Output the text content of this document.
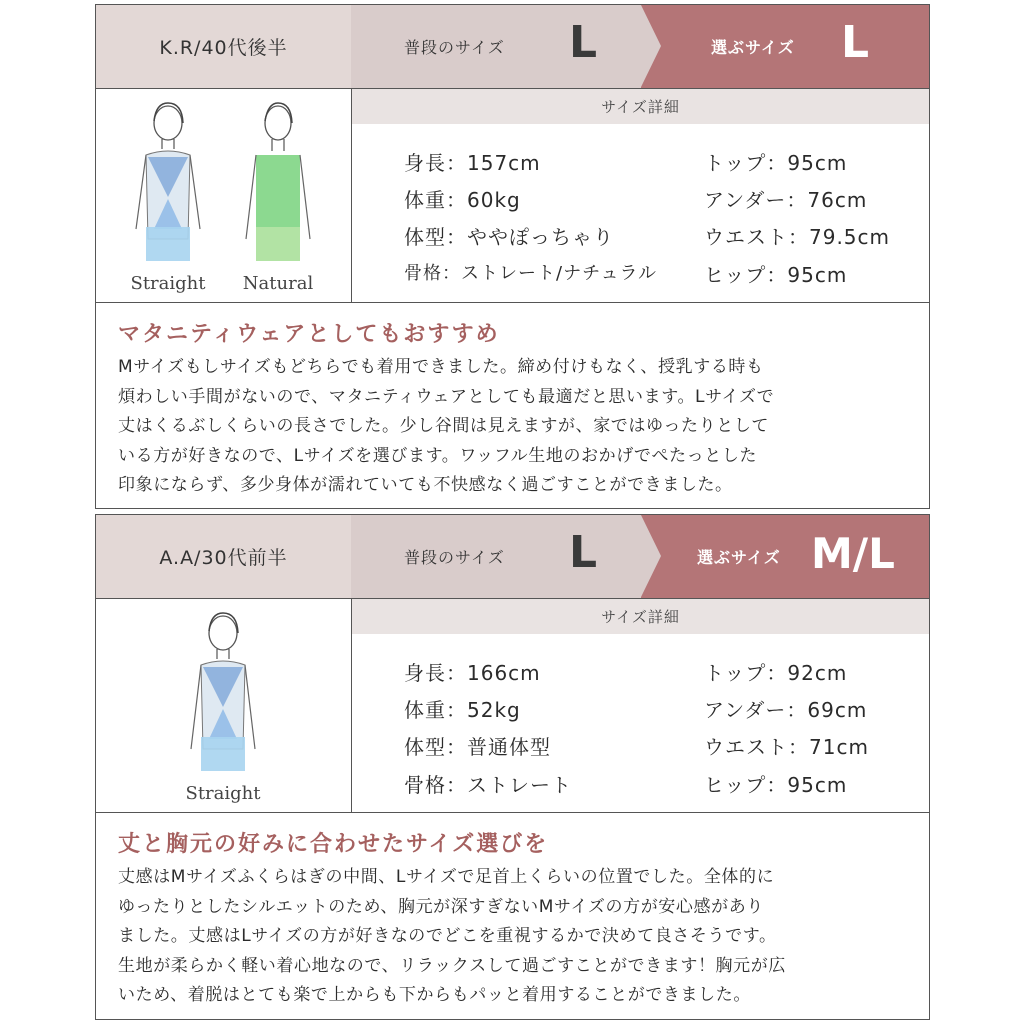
K.R/40代後半	普段のサイズ L	選ぶサイズ L
Straight Natural
サイズ詳細
身長：157cm
体重：60kg
体型：ややぽっちゃり
骨格：ストレート/ナチュラル
トップ：95cm
アンダー：76cm
ウエスト：79.5cm
ヒップ：95cm
マタニティウェアとしてもおすすめ
Mサイズもしサイズもどちらでも着用できました。締め付けもなく、授乳する時も
煩わしい手間がないので、マタニティウェアとしても最適だと思います。Lサイズで
丈はくるぶしくらいの長さでした。少し谷間は見えますが、家ではゆったりとして
いる方が好きなので、Lサイズを選びます。ワッフル生地のおかげでぺたっとした
印象にならず、多少身体が濡れていても不快感なく過ごすことができました。
A.A/30代前半	普段のサイズ L	選ぶサイズ M/L
Straight
サイズ詳細
身長：166cm
体重：52kg
体型：普通体型
骨格：ストレート
トップ：92cm
アンダー：69cm
ウエスト：71cm
ヒップ：95cm
丈と胸元の好みに合わせたサイズ選びを
丈感はMサイズふくらはぎの中間、Lサイズで足首上くらいの位置でした。全体的に
ゆったりとしたシルエットのため、胸元が深すぎないMサイズの方が安心感があり
ました。丈感はLサイズの方が好きなのでどこを重視するかで決めて良さそうです。
生地が柔らかく軽い着心地なので、リラックスして過ごすことができます！胸元が広
いため、着脱はとても楽で上からも下からもパッと着用することができました。
